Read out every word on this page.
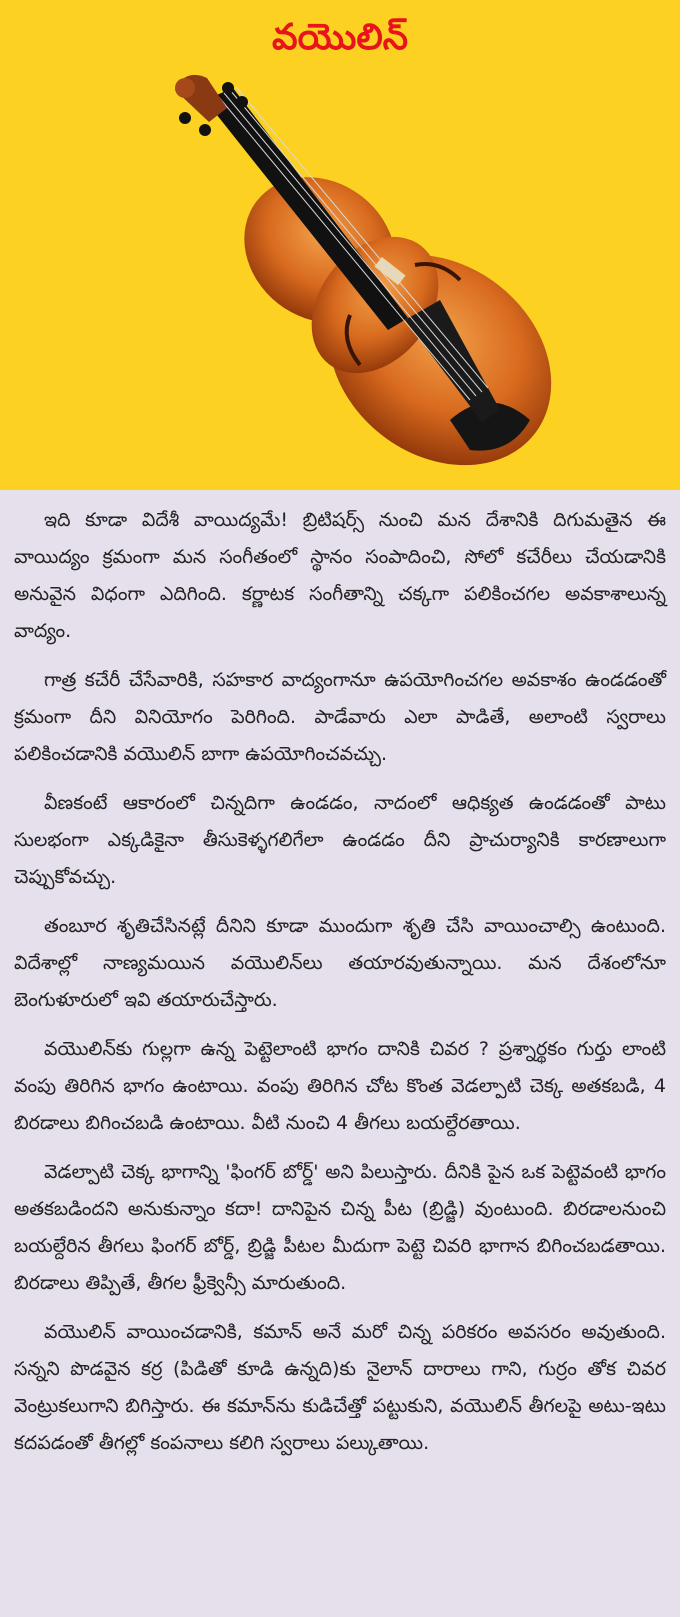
వయొలిన్

ఇది కూడా విదేశీ వాయిద్యమే! బ్రిటిషర్స్ నుంచి మన దేశానికి దిగుమతైన ఈ వాయిద్యం క్రమంగా మన సంగీతంలో స్థానం సంపాదించి, సోలో కచేరీలు చేయడానికి అనువైన విధంగా ఎదిగింది. కర్ణాటక సంగీతాన్ని చక్కగా పలికించగల అవకాశాలున్న వాద్యం.

గాత్ర కచేరీ చేసేవారికి, సహకార వాద్యంగానూ ఉపయోగించగల అవకాశం ఉండడంతో క్రమంగా దీని వినియోగం పెరిగింది. పాడేవారు ఎలా పాడితే, అలాంటి స్వరాలు పలికించడానికి వయొలిన్ బాగా ఉపయోగించవచ్చు.

వీణకంటే ఆకారంలో చిన్నదిగా ఉండడం, నాదంలో ఆధిక్యత ఉండడంతో పాటు సులభంగా ఎక్కడికైనా తీసుకెళ్ళగలిగేలా ఉండడం దీని ప్రాచుర్యానికి కారణాలుగా చెప్పుకోవచ్చు.

తంబూర శృతిచేసినట్లే దీనిని కూడా ముందుగా శృతి చేసి వాయించాల్సి ఉంటుంది. విదేశాల్లో నాణ్యమయిన వయొలిన్‌లు తయారవుతున్నాయి. మన దేశంలోనూ బెంగుళూరులో ఇవి తయారుచేస్తారు.

వయొలిన్‌కు గుల్లగా ఉన్న పెట్టెలాంటి భాగం దానికి చివర ? ప్రశ్నార్థకం గుర్తు లాంటి వంపు తిరిగిన భాగం ఉంటాయి. వంపు తిరిగిన చోట కొంత వెడల్పాటి చెక్క అతకబడి, 4 బిరడాలు బిగించబడి ఉంటాయి. వీటి నుంచి 4 తీగలు బయల్దేరతాయి.

వెడల్పాటి చెక్క భాగాన్ని 'ఫింగర్ బోర్డ్' అని పిలుస్తారు. దీనికి పైన ఒక పెట్టెవంటి భాగం అతకబడిందని అనుకున్నాం కదా! దానిపైన చిన్న పీట (బ్రిడ్జి) వుంటుంది. బిరడాలనుంచి బయల్దేరిన తీగలు ఫింగర్ బోర్డ్, బ్రిడ్జి పీటల మీదుగా పెట్టె చివరి భాగాన బిగించబడతాయి. బిరడాలు తిప్పితే, తీగల ఫ్రీక్వెన్సీ మారుతుంది.

వయొలిన్ వాయించడానికి, కమాన్ అనే మరో చిన్న పరికరం అవసరం అవుతుంది. సన్నని పొడవైన కర్ర (పిడితో కూడి ఉన్నది)కు నైలాన్ దారాలు గాని, గుర్రం తోక చివర వెంట్రుకలుగాని బిగిస్తారు. ఈ కమాన్‌ను కుడిచేత్తో పట్టుకుని, వయొలిన్ తీగలపై అటు-ఇటు కదపడంతో తీగల్లో కంపనాలు కలిగి స్వరాలు పల్కుతాయి.
